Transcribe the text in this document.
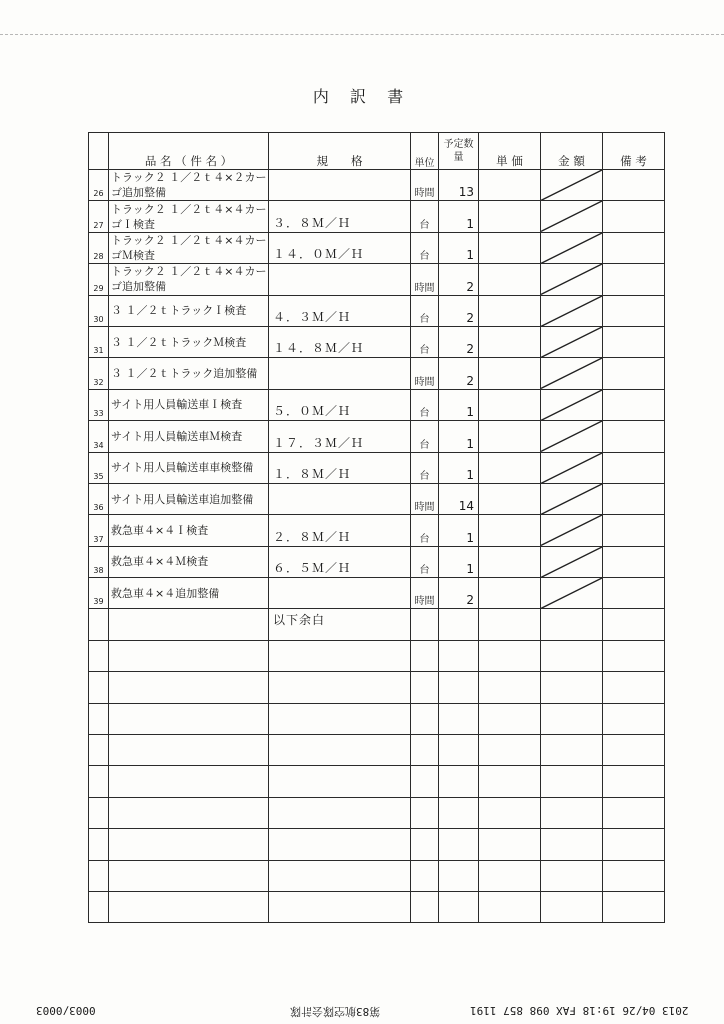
内 訳 書
	品 名 （ 件 名 ）	規　　格	単位	予定数量	単 価	金 額	備 考
26	トラック２ １／２ｔ４×２カーゴ追加整備		時間	13		

27	トラック２ １／２ｔ４×４カーゴＩ検査	３．８Ｍ／Ｈ	台	1		

28	トラック２ １／２ｔ４×４カーゴＭ検査	１４．０Ｍ／Ｈ	台	1		

29	トラック２ １／２ｔ４×４カーゴ追加整備		時間	2		

30	３ １／２ｔトラックＩ検査	４．３Ｍ／Ｈ	台	2		

31	３ １／２ｔトラックＭ検査	１４．８Ｍ／Ｈ	台	2		

32	３ １／２ｔトラック追加整備		時間	2		

33	サイト用人員輸送車Ｉ検査	５．０Ｍ／Ｈ	台	1		

34	サイト用人員輸送車Ｍ検査	１７．３Ｍ／Ｈ	台	1		

35	サイト用人員輸送車車検整備	１．８Ｍ／Ｈ	台	1		

36	サイト用人員輸送車追加整備		時間	14		

37	救急車４×４Ｉ検査	２．８Ｍ／Ｈ	台	1		

38	救急車４×４Ｍ検査	６．５Ｍ／Ｈ	台	1		

39	救急車４×４追加整備		時間	2		

		以下余白					

0003/0003	第83航空隊会計隊	2013 04/26 19:18 FAX 098 857 1191
